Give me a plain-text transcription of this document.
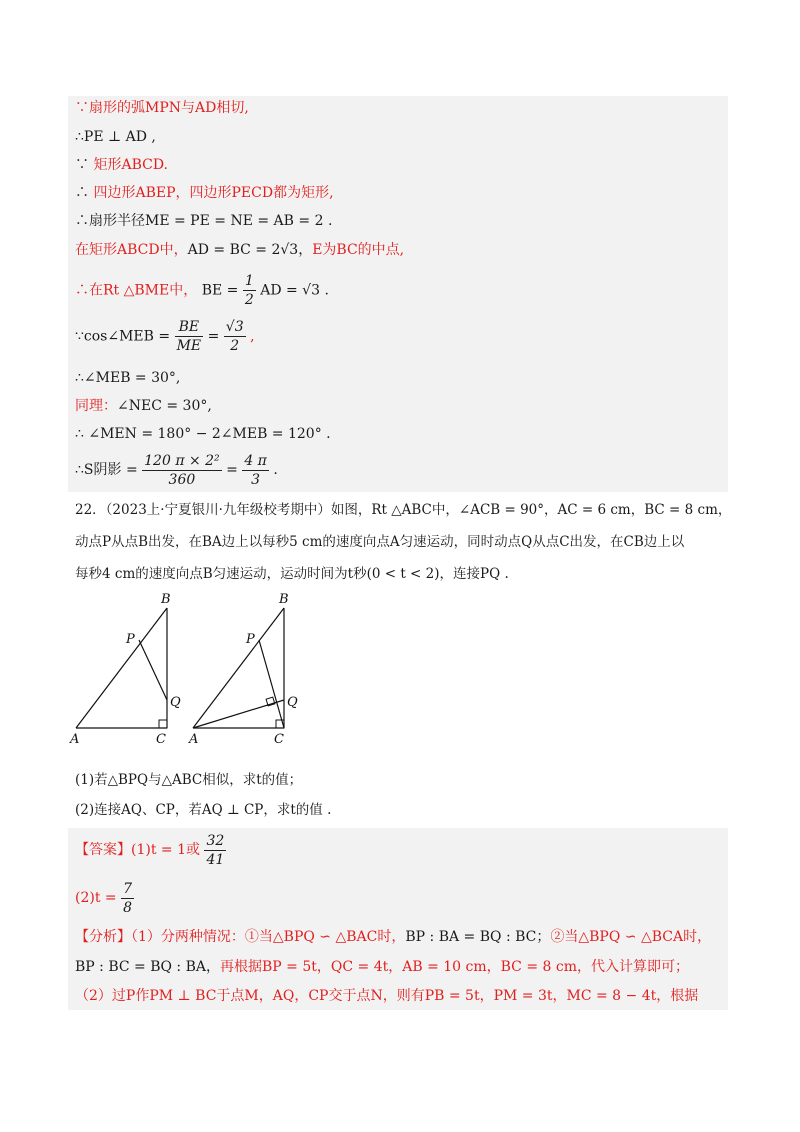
∵扇形的弧MPN与AD相切,
∴PE ⊥ AD ,
∵ 矩形ABCD.
∴ 四边形ABEP，四边形PECD都为矩形,
∴扇形半径ME = PE = NE = AB = 2 .
在矩形ABCD中，AD = BC = 2√3，E为BC的中点,
∴在Rt △BME中， BE = $\frac{1}{2}$ AD = √3 .
∵cos∠MEB = $\frac{BE}{ME} = \frac{√3}{2}$ ,
∴∠MEB = 30°,
同理：∠NEC = 30°,
∴ ∠MEN = 180° − 2∠MEB = 120° .
∴S阴影 = $\frac{\text{120 π × 2²}}{360} = \frac{4 \pi}{3}$ .
22．（2023上·宁夏银川·九年级校考期中）如图，Rt △ABC中，∠ACB = 90°，AC = 6 cm，BC = 8 cm，
动点P从点B出发，在BA边上以每秒5 cm的速度向点A匀速运动，同时动点Q从点C出发，在CB边上以
每秒4 cm的速度向点B匀速运动，运动时间为t秒(0 < t < 2)，连接PQ .
A	C
B
P
Q
A	C
B
P
Q
(1)若△BPQ与△ABC相似，求t的值；
(2)连接AQ、CP，若AQ ⊥ CP，求t的值 .
【答案】(1)t = 1或 $\frac{32}{41}$
$(2)t = \frac{7}{8}$
【分析】（1）分两种情况：①当△BPQ ∽ △BAC时，BP : BA = BQ : BC；②当△BPQ ∽ △BCA时，
BP : BC = BQ : BA，再根据BP = 5t，QC = 4t，AB = 10 cm，BC = 8 cm，代入计算即可；
（2）过P作PM ⊥ BC于点M，AQ，CP交于点N，则有PB = 5t，PM = 3t，MC = 8 − 4t，根据
